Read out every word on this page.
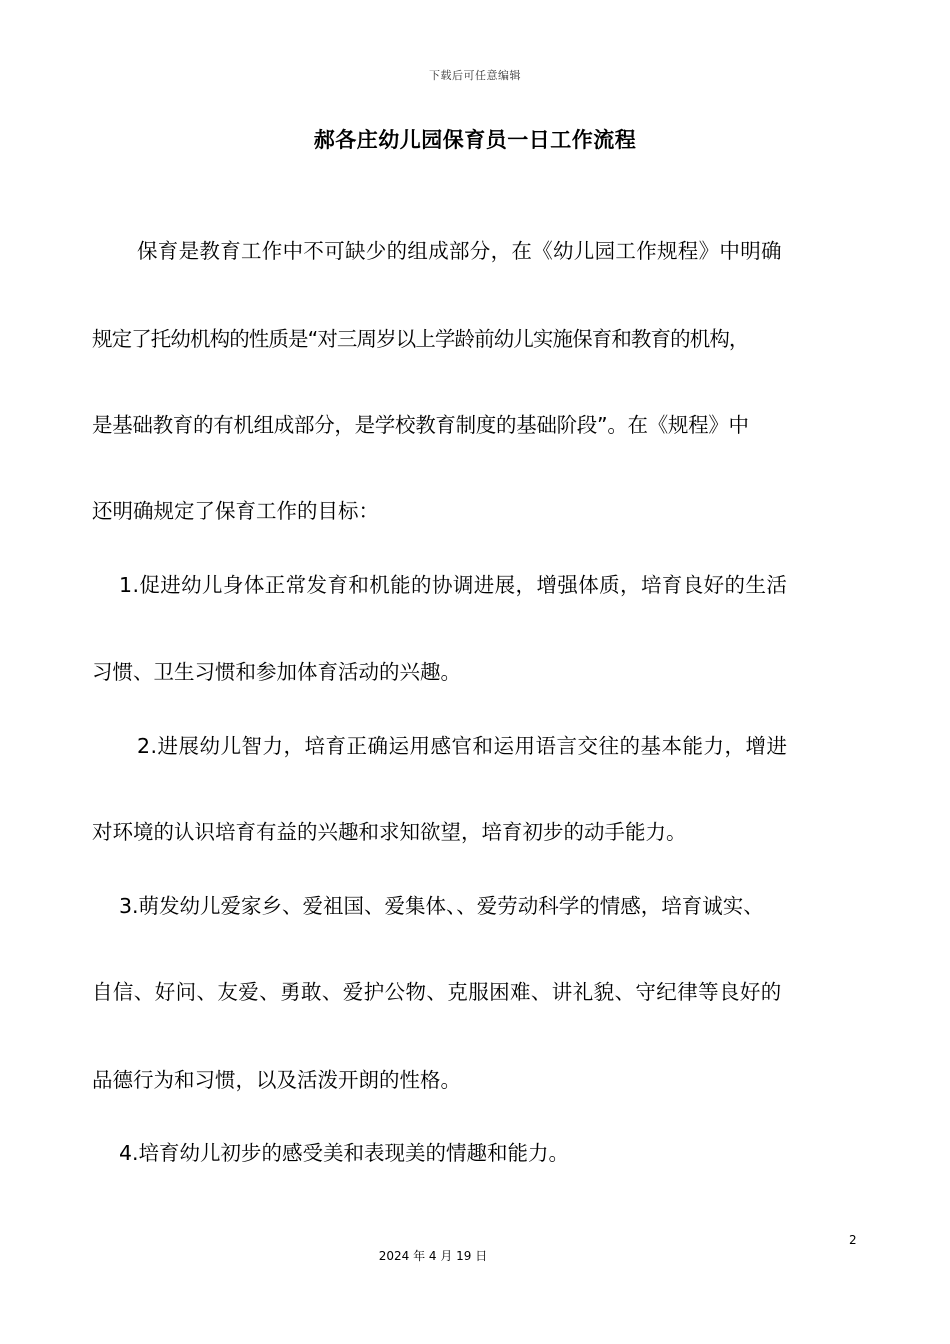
下载后可任意编辑
郝各庄幼儿园保育员一日工作流程
保育是教育工作中不可缺少的组成部分，在《幼儿园工作规程》中明确
规定了托幼机构的性质是“对三周岁以上学龄前幼儿实施保育和教育的机构，
是基础教育的有机组成部分，是学校教育制度的基础阶段”。在《规程》中
还明确规定了保育工作的目标：
1.促进幼儿身体正常发育和机能的协调进展，增强体质，培育良好的生活
习惯、卫生习惯和参加体育活动的兴趣。
2.进展幼儿智力，培育正确运用感官和运用语言交往的基本能力，增进
对环境的认识培育有益的兴趣和求知欲望，培育初步的动手能力。
3.萌发幼儿爱家乡、爱祖国、爱集体、、爱劳动科学的情感，培育诚实、
自信、好问、友爱、勇敢、爱护公物、克服困难、讲礼貌、守纪律等良好的
品德行为和习惯，以及活泼开朗的性格。
4.培育幼儿初步的感受美和表现美的情趣和能力。
2
2024 年 4 月 19 日
